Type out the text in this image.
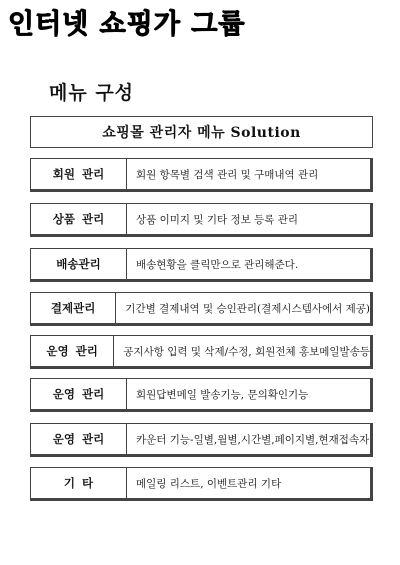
인터넷 쇼핑가 그룹
메뉴 구성
쇼핑몰 관리자 메뉴 Solution
회원 관리	회원 항목별 검색 관리 및 구매내역 관리
상품 관리	상품 이미지 및 기타 정보 등록 관리
배송관리	배송현황을 클릭만으로 관리해준다.
결제관리	기간별 결제내역 및 승인관리(결제시스템사에서 제공)
운영 관리	공지사항 입력 및 삭제/수정, 회원전체 홍보메일발송등
운영 관리	회원답변메일 발송기능, 문의확인기능
운영 관리	카운터 기능-일별,월별,시간별,페이지별,현재접속자
기 타	메일링 리스트, 이벤트관리 기타
